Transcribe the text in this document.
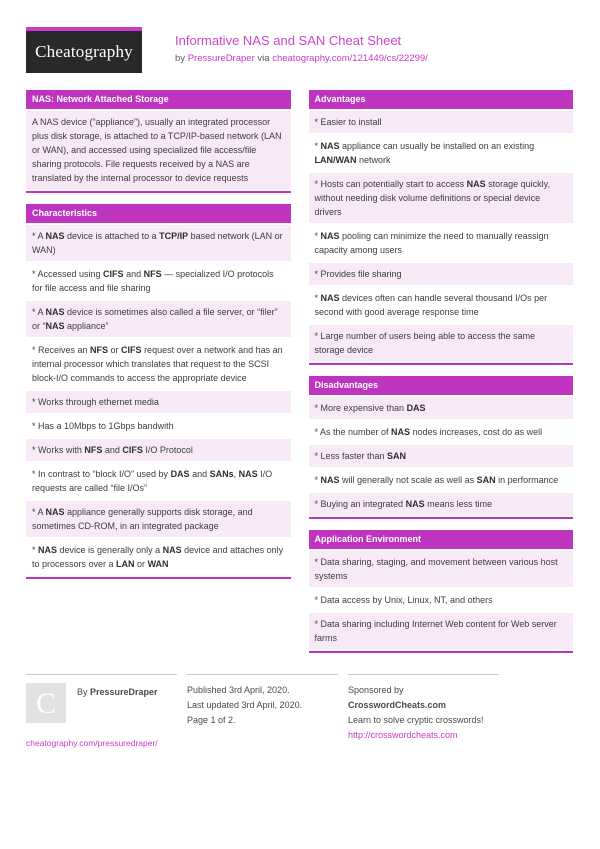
Cheatography
Informative NAS and SAN Cheat Sheet
by PressureDraper via cheatography.com/121449/cs/22299/
NAS: Network Attached Storage
A NAS device (“appliance”), usually an integrated processor plus disk storage, is attached to a TCP/IP-based network (LAN or WAN), and accessed using specialized file access/file sharing protocols. File requests received by a NAS are translated by the internal processor to device requests
Characteristics
* A NAS device is attached to a TCP/IP based network (LAN or WAN)
* Accessed using CIFS and NFS — specialized I/O protocols for file access and file sharing
* A NAS device is sometimes also called a file server, or “filer” or “NAS appliance”
* Receives an NFS or CIFS request over a network and has an internal processor which translates that request to the SCSI block-I/O commands to access the appropriate device
* Works through ethernet media
* Has a 10Mbps to 1Gbps bandwith
* Works with NFS and CIFS I/O Protocol
* In contrast to “block I/O” used by DAS and SANs, NAS I/O requests are called “file I/Os”
* A NAS appliance generally supports disk storage, and sometimes CD-ROM, in an integrated package
* NAS device is generally only a NAS device and attaches only to processors over a LAN or WAN
Advantages
* Easier to install
* NAS appliance can usually be installed on an existing LAN/WAN network
* Hosts can potentially start to access NAS storage quickly, without needing disk volume definitions or special device drivers
* NAS pooling can minimize the need to manually reassign capacity among users
* Provides file sharing
* NAS devices often can handle several thousand I/Os per second with good average response time
* Large number of users being able to access the same storage device
Disadvantages
* More expensive than DAS
* As the number of NAS nodes increases, cost do as well
* Less faster than SAN
* NAS will generally not scale as well as SAN in performance
* Buying an integrated NAS means less time
Application Environment
* Data sharing, staging, and movement between various host systems
* Data access by Unix, Linux, NT, and others
* Data sharing including Internet Web content for Web server farms
C By PressureDraper
cheatography.com/pressuredraper/
Published 3rd April, 2020.
Last updated 3rd April, 2020.
Page 1 of 2.
Sponsored by CrosswordCheats.com
Learn to solve cryptic crosswords!
http://crosswordcheats.com
